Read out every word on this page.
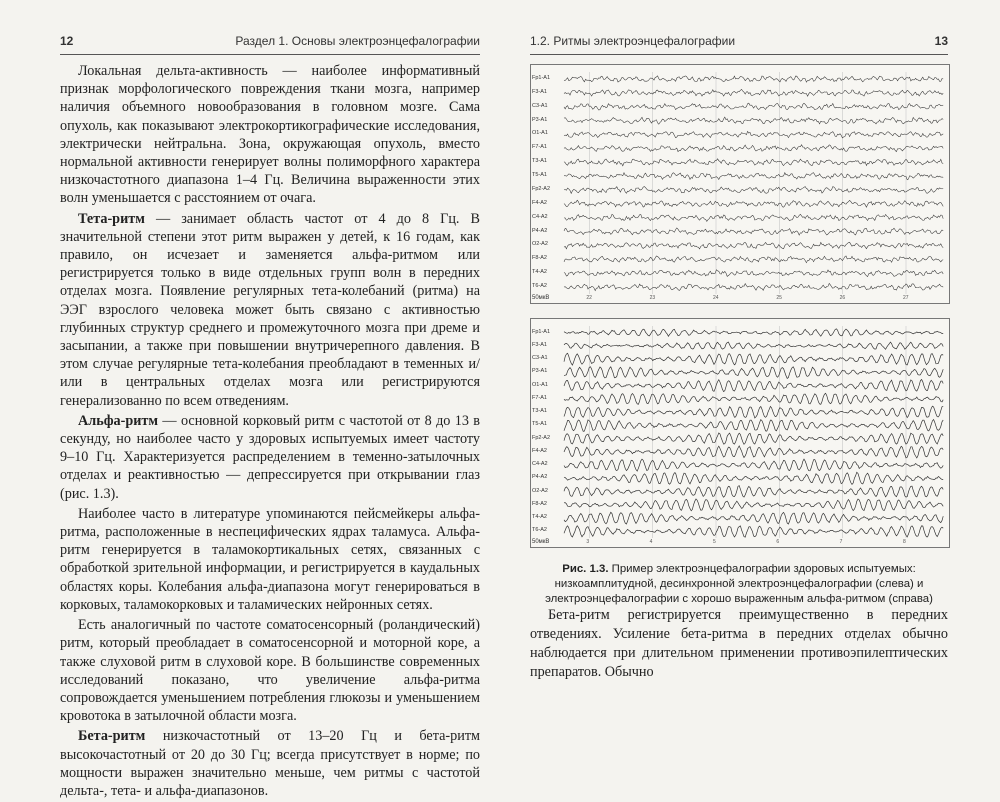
12	Раздел 1. Основы электроэнцефалографии

Локальная дельта-активность — наиболее информативный признак морфологического повреждения ткани мозга, например наличия объемного новообразования в головном мозге. Сама опухоль, как показывают электрокортикографические исследования, электрически нейтральна. Зона, окружающая опухоль, вместо нормальной активности генерирует волны полиморфного характера низкочастотного диапазона 1–4 Гц. Величина выраженности этих волн уменьшается с расстоянием от очага.

Тета-ритм — занимает область частот от 4 до 8 Гц. В значительной степени этот ритм выражен у детей, к 16 годам, как правило, он исчезает и заменяется альфа-ритмом или регистрируется только в виде отдельных групп волн в передних отделах мозга. Появление регулярных тета-колебаний (ритма) на ЭЭГ взрослого человека может быть связано с активностью глубинных структур среднего и промежуточного мозга при дреме и засыпании, а также при повышении внутричерепного давления. В этом случае регулярные тета-колебания преобладают в теменных и/или в центральных отделах мозга или регистрируются генерализованно по всем отведениям.

Альфа-ритм — основной корковый ритм с частотой от 8 до 13 в секунду, но наиболее часто у здоровых испытуемых имеет частоту 9–10 Гц. Характеризуется распределением в теменно-затылочных отделах и реактивностью — депрессируется при открывании глаз (рис. 1.3).

Наиболее часто в литературе упоминаются пейсмейкеры альфа-ритма, расположенные в неспецифических ядрах таламуса. Альфа-ритм генерируется в таламокортикальных сетях, связанных с обработкой зрительной информации, и регистрируется в каудальных областях коры. Колебания альфа-диапазона могут генерироваться в корковых, таламокорковых и таламических нейронных сетях.

Есть аналогичный по частоте соматосенсорный (роландический) ритм, который преобладает в соматосенсорной и моторной коре, а также слуховой ритм в слуховой коре. В большинстве современных исследований показано, что увеличение альфа-ритма сопровождается уменьшением потребления глюкозы и уменьшением кровотока в затылочной области мозга.

Бета-ритм низкочастотный от 13–20 Гц и бета-ритм высокочастотный от 20 до 30 Гц; всегда присутствует в норме; по мощности выражен значительно меньше, чем ритмы с частотой дельта-, тета- и альфа-диапазонов.

1.2. Ритмы электроэнцефалографии	13
22	23	24	25	26	27
Fp1-A1
F3-A1
C3-A1
P3-A1
O1-A1
F7-A1
T3-A1
T5-A1
Fp2-A2
F4-A2
C4-A2
P4-A2
O2-A2
F8-A2
T4-A2
T6-A2
50мкВ
3	4	5	6	7	8
Fp1-A1
F3-A1
C3-A1
P3-A1
O1-A1
F7-A1
T3-A1
T5-A1
Fp2-A2
F4-A2
C4-A2
P4-A2
O2-A2
F8-A2
T4-A2
T6-A2
50мкВ
Рис. 1.3. Пример электроэнцефалографии здоровых испытуемых: низкоамплитудной, десинхронной электроэнцефалографии (слева) и электроэнцефалографии с хорошо выраженным альфа-ритмом (справа)

Бета-ритм регистрируется преимущественно в передних отведениях. Усиление бета-ритма в передних отделах обычно наблюдается при длительном применении противоэпилептических препаратов. Обычно
